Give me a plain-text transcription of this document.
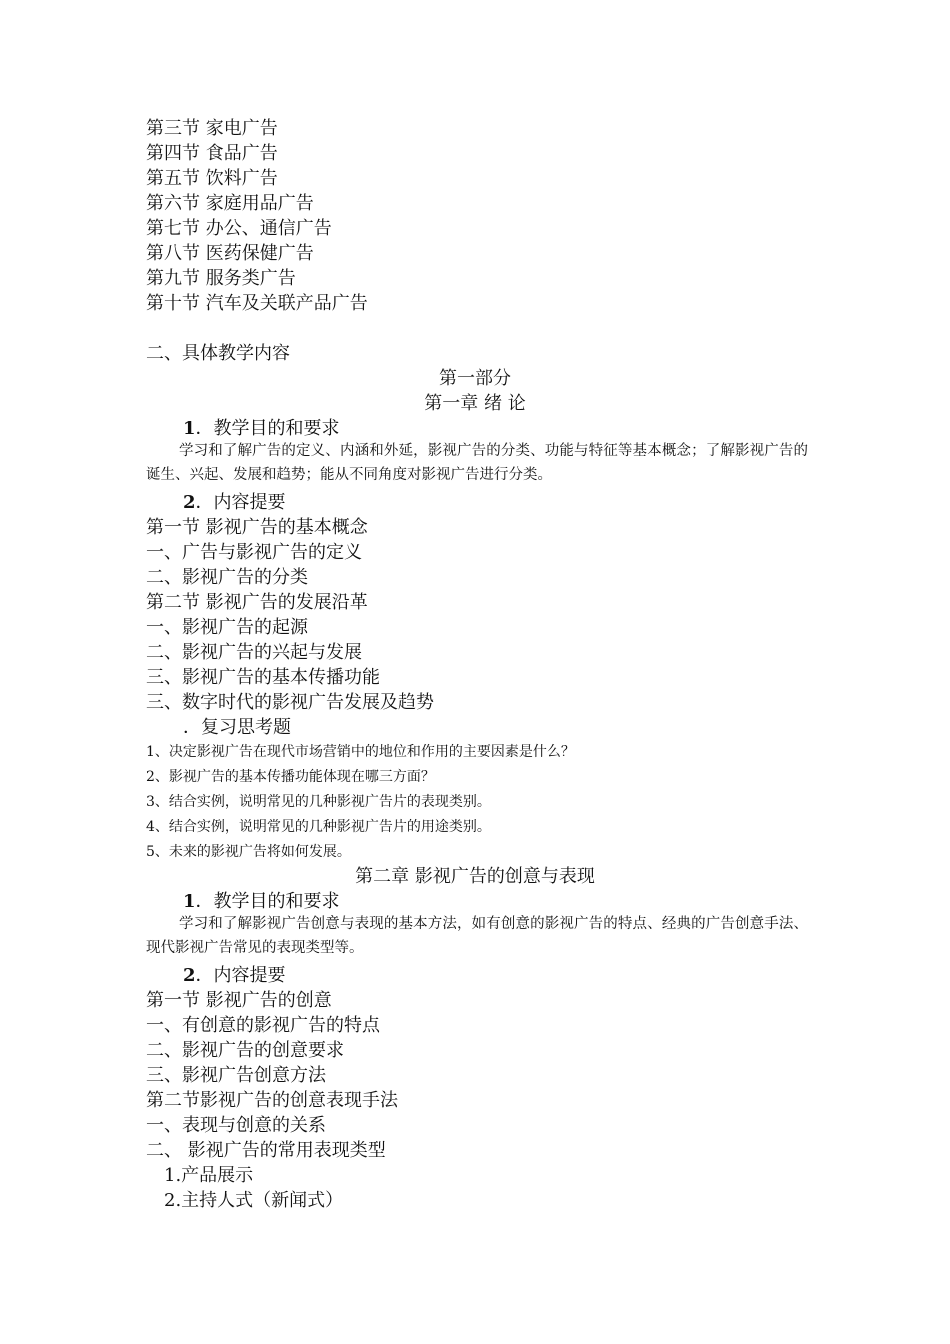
第三节 家电广告
第四节 食品广告
第五节 饮料广告
第六节 家庭用品广告
第七节 办公、通信广告
第八节 医药保健广告
第九节 服务类广告
第十节 汽车及关联产品广告
二、具体教学内容
第一部分
第一章 绪 论
1．教学目的和要求
学习和了解广告的定义、内涵和外延，影视广告的分类、功能与特征等基本概念；了解影视广告的诞生、兴起、发展和趋势；能从不同角度对影视广告进行分类。
2．内容提要
第一节 影视广告的基本概念
一、广告与影视广告的定义
二、影视广告的分类
第二节 影视广告的发展沿革
一、影视广告的起源
二、影视广告的兴起与发展
三、影视广告的基本传播功能
三、数字时代的影视广告发展及趋势
．复习思考题
1、决定影视广告在现代市场营销中的地位和作用的主要因素是什么？
2、影视广告的基本传播功能体现在哪三方面？
3、结合实例，说明常见的几种影视广告片的表现类别。
4、结合实例，说明常见的几种影视广告片的用途类别。
5、未来的影视广告将如何发展。
第二章 影视广告的创意与表现
1．教学目的和要求
学习和了解影视广告创意与表现的基本方法，如有创意的影视广告的特点、经典的广告创意手法、现代影视广告常见的表现类型等。
2．内容提要
第一节 影视广告的创意
一、有创意的影视广告的特点
二、影视广告的创意要求
三、影视广告创意方法
第二节影视广告的创意表现手法
一、表现与创意的关系
二、 影视广告的常用表现类型
1.产品展示
2.主持人式（新闻式）
